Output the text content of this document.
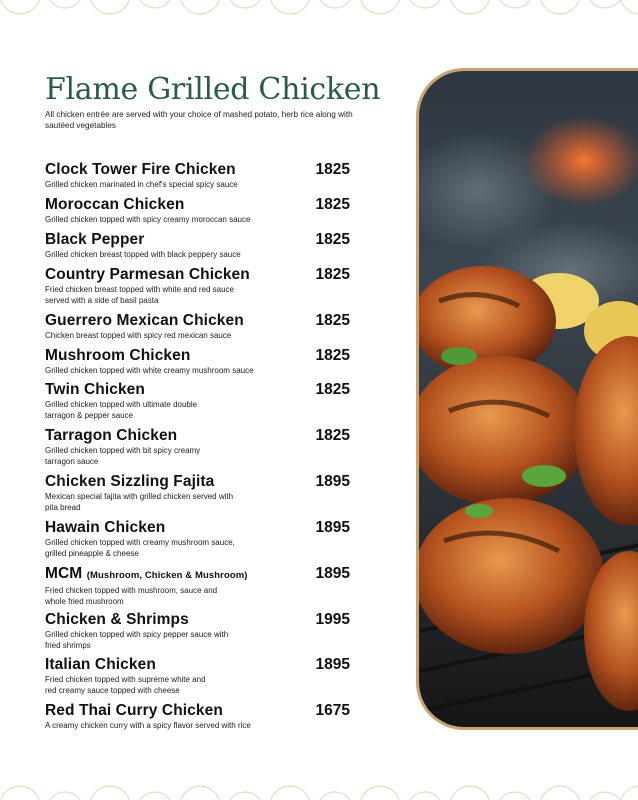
Flame Grilled Chicken

All chicken entrée are served with your choice of mashed potato, herb rice along with sautéed vegetables

Clock Tower Fire Chicken	1825
Grilled chicken marinated in chef's special spicy sauce
Moroccan Chicken	1825
Grilled chicken topped with spicy creamy moroccan sauce
Black Pepper	1825
Grilled chicken breast topped with black peppery sauce
Country Parmesan Chicken	1825
Fried chicken breast topped with white and red sauce
served with a side of basil pasta
Guerrero Mexican Chicken	1825
Chicken breast topped with spicy red mexican sauce
Mushroom Chicken	1825
Grilled chicken topped with white creamy mushroom sauce
Twin Chicken	1825
Grilled chicken topped with ultimate double
tarragon & pepper sauce
Tarragon Chicken	1825
Grilled chicken topped with bit spicy creamy
tarragon sauce
Chicken Sizzling Fajita	1895
Mexican special fajita with grilled chicken served with
pita bread
Hawain Chicken	1895
Grilled chicken topped with creamy mushroom sauce,
grilled pineapple & cheese
MCM (Mushroom, Chicken & Mushroom)	1895
Fried chicken topped with mushroom, sauce and
whole fried mushroom
Chicken & Shrimps	1995
Grilled chicken topped with spicy pepper sauce with
fried shrimps
Italian Chicken	1895
Fried chicken topped with supreme white and
red creamy sauce topped with cheese
Red Thai Curry Chicken	1675
A creamy chicken curry with a spicy flavor served with rice
